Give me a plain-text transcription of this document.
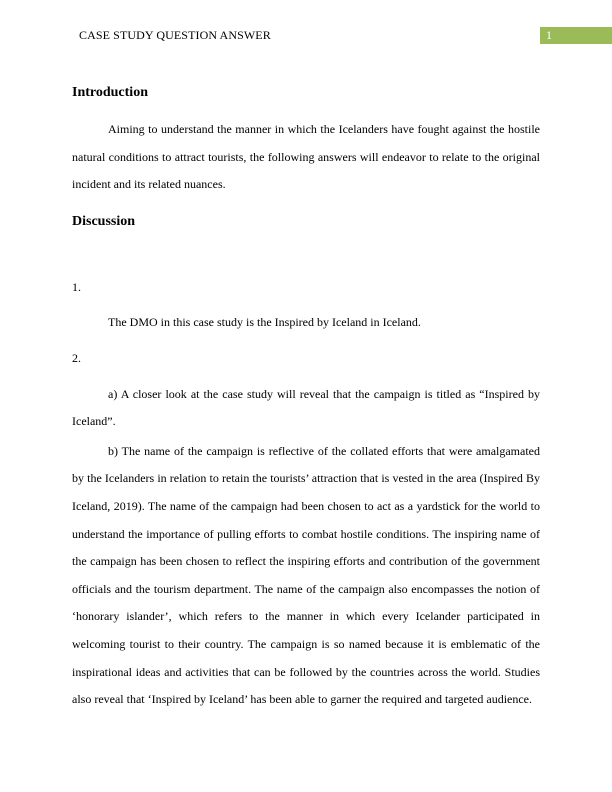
CASE STUDY QUESTION ANSWER	1
Introduction

Aiming to understand the manner in which the Icelanders have fought against the hostile natural conditions to attract tourists, the following answers will endeavor to relate to the original incident and its related nuances.

Discussion

1.

The DMO in this case study is the Inspired by Iceland in Iceland.

2.

a) A closer look at the case study will reveal that the campaign is titled as “Inspired by Iceland”.

b) The name of the campaign is reflective of the collated efforts that were amalgamated by the Icelanders in relation to retain the tourists’ attraction that is vested in the area (Inspired By Iceland, 2019). The name of the campaign had been chosen to act as a yardstick for the world to understand the importance of pulling efforts to combat hostile conditions. The inspiring name of the campaign has been chosen to reflect the inspiring efforts and contribution of the government officials and the tourism department. The name of the campaign also encompasses the notion of ‘honorary islander’, which refers to the manner in which every Icelander participated in welcoming tourist to their country. The campaign is so named because it is emblematic of the inspirational ideas and activities that can be followed by the countries across the world. Studies also reveal that ‘Inspired by Iceland’ has been able to garner the required and targeted audience.
